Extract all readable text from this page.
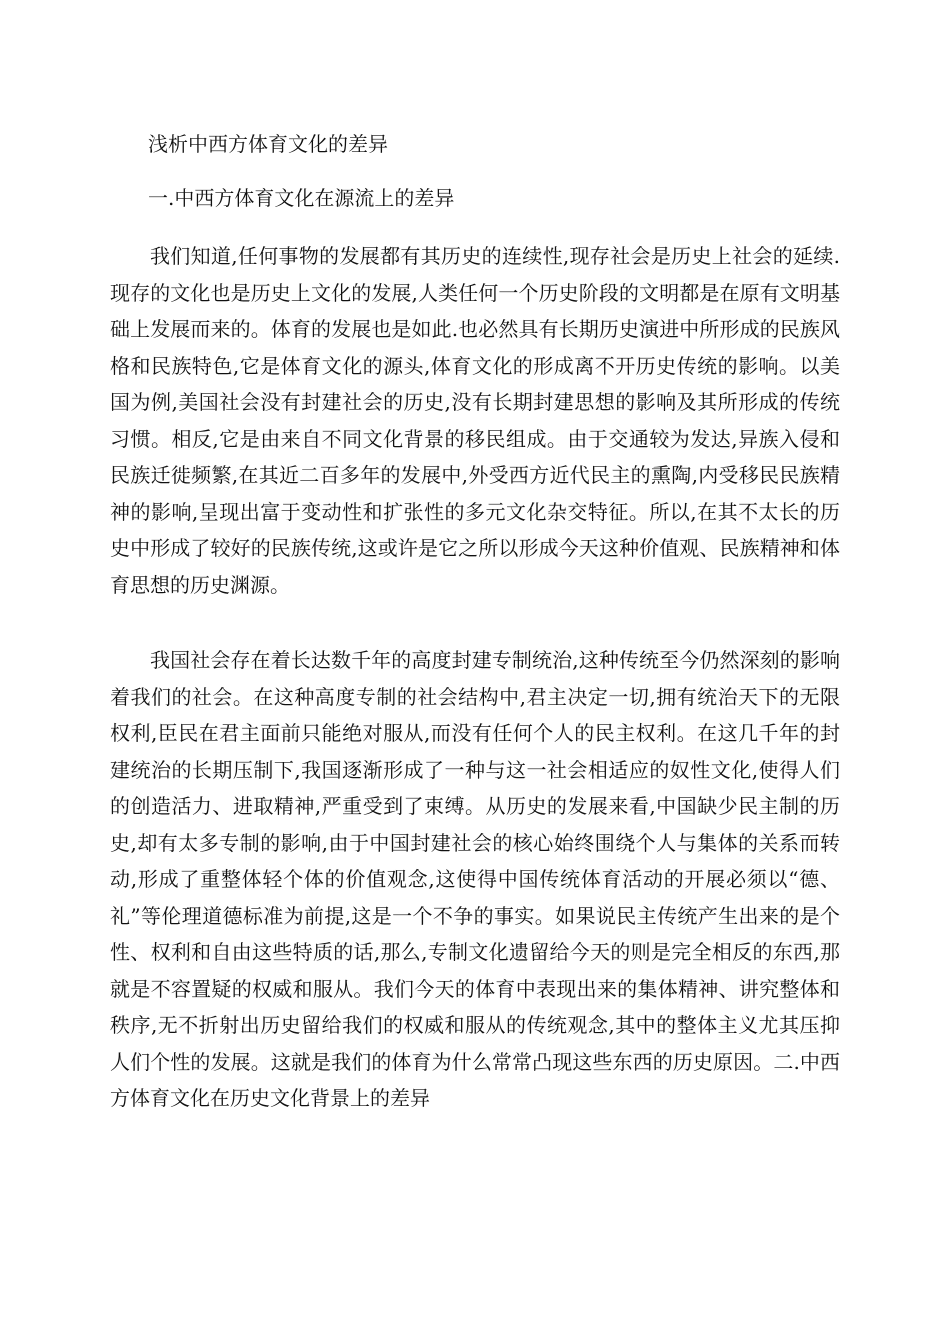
浅析中西方体育文化的差异
一.中西方体育文化在源流上的差异

我们知道,任何事物的发展都有其历史的连续性,现存社会是历史上社会的延续.现存的文化也是历史上文化的发展,人类任何一个历史阶段的文明都是在原有文明基础上发展而来的。体育的发展也是如此.也必然具有长期历史演进中所形成的民族风格和民族特色,它是体育文化的源头,体育文化的形成离不开历史传统的影响。以美国为例,美国社会没有封建社会的历史,没有长期封建思想的影响及其所形成的传统习惯。相反,它是由来自不同文化背景的移民组成。由于交通较为发达,异族入侵和民族迁徙频繁,在其近二百多年的发展中,外受西方近代民主的熏陶,内受移民民族精神的影响,呈现出富于变动性和扩张性的多元文化杂交特征。所以,在其不太长的历史中形成了较好的民族传统,这或许是它之所以形成今天这种价值观、民族精神和体育思想的历史渊源。

我国社会存在着长达数千年的高度封建专制统治,这种传统至今仍然深刻的影响着我们的社会。在这种高度专制的社会结构中,君主决定一切,拥有统治天下的无限权利,臣民在君主面前只能绝对服从,而没有任何个人的民主权利。在这几千年的封建统治的长期压制下,我国逐渐形成了一种与这一社会相适应的奴性文化,使得人们的创造活力、进取精神,严重受到了束缚。从历史的发展来看,中国缺少民主制的历史,却有太多专制的影响,由于中国封建社会的核心始终围绕个人与集体的关系而转动,形成了重整体轻个体的价值观念,这使得中国传统体育活动的开展必须以“德、礼”等伦理道德标准为前提,这是一个不争的事实。如果说民主传统产生出来的是个性、权利和自由这些特质的话,那么,专制文化遗留给今天的则是完全相反的东西,那就是不容置疑的权威和服从。我们今天的体育中表现出来的集体精神、讲究整体和秩序,无不折射出历史留给我们的权威和服从的传统观念,其中的整体主义尤其压抑人们个性的发展。这就是我们的体育为什么常常凸现这些东西的历史原因。二.中西方体育文化在历史文化背景上的差异
